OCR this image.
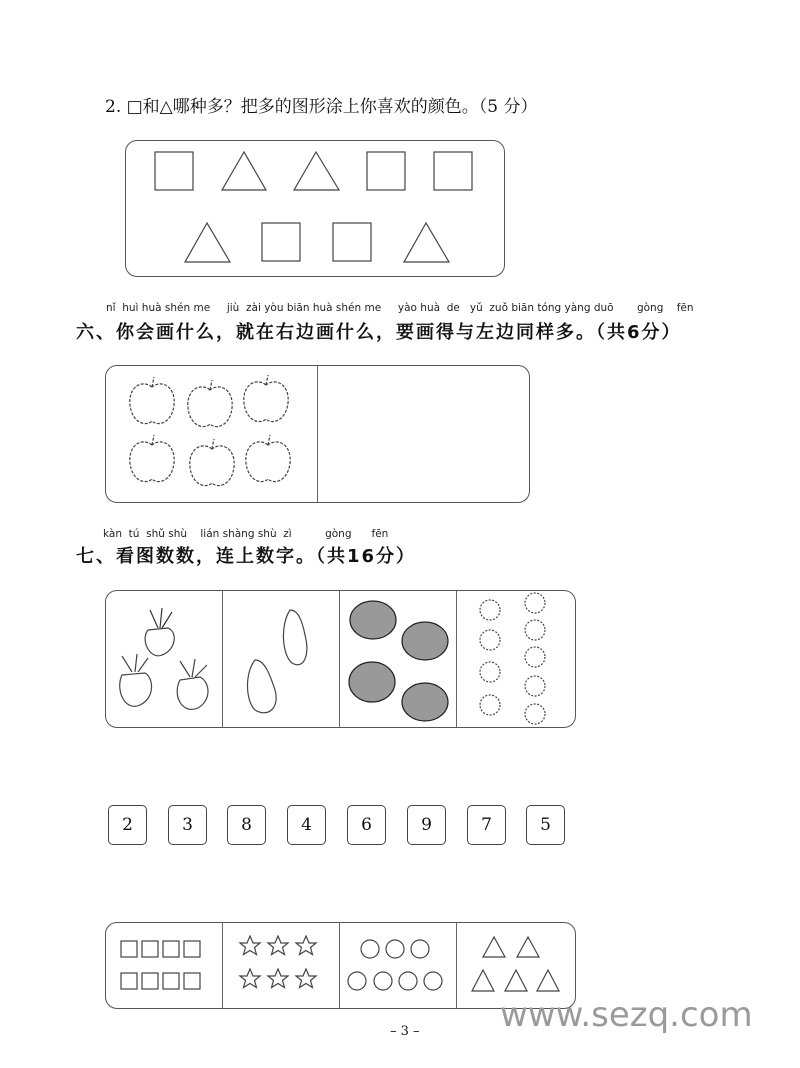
2. □和△哪种多？把多的图形涂上你喜欢的颜色。（5 分）
nǐ  huì huà shén me     jiù  zài yòu biān huà shén me     yào huà  de   yǔ  zuǒ biān tóng yàng duō       gòng    fēn
六、你会画什么，就在右边画什么，要画得与左边同样多。（共6分）
kàn  tú  shǔ shù    lián shàng shù  zì          gòng      fēn
七、看图数数，连上数字。（共16分）
2	3	8	4	6	9	7	5
www.sezq.com
– 3 –
